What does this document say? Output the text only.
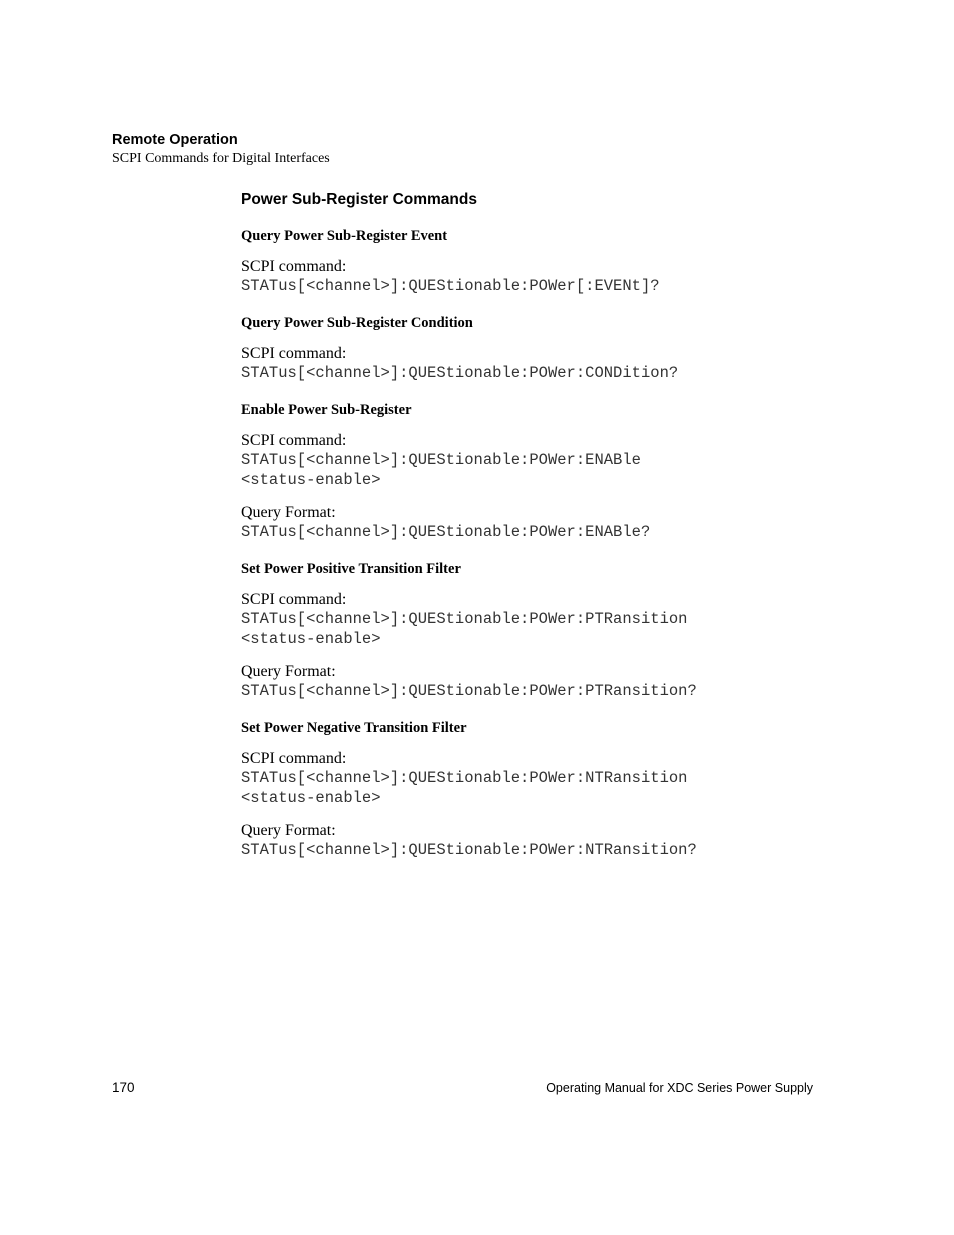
Remote Operation
SCPI Commands for Digital Interfaces
Power Sub-Register Commands
Query Power Sub-Register Event
SCPI command:
STATus[<channel>]:QUEStionable:POWer[:EVENt]?
Query Power Sub-Register Condition
SCPI command:
STATus[<channel>]:QUEStionable:POWer:CONDition?
Enable Power Sub-Register
SCPI command:
STATus[<channel>]:QUEStionable:POWer:ENABle
<status-enable>
Query Format:
STATus[<channel>]:QUEStionable:POWer:ENABle?
Set Power Positive Transition Filter
SCPI command:
STATus[<channel>]:QUEStionable:POWer:PTRansition
<status-enable>
Query Format:
STATus[<channel>]:QUEStionable:POWer:PTRansition?
Set Power Negative Transition Filter
SCPI command:
STATus[<channel>]:QUEStionable:POWer:NTRansition
<status-enable>
Query Format:
STATus[<channel>]:QUEStionable:POWer:NTRansition?
170	Operating Manual for XDC Series Power Supply
